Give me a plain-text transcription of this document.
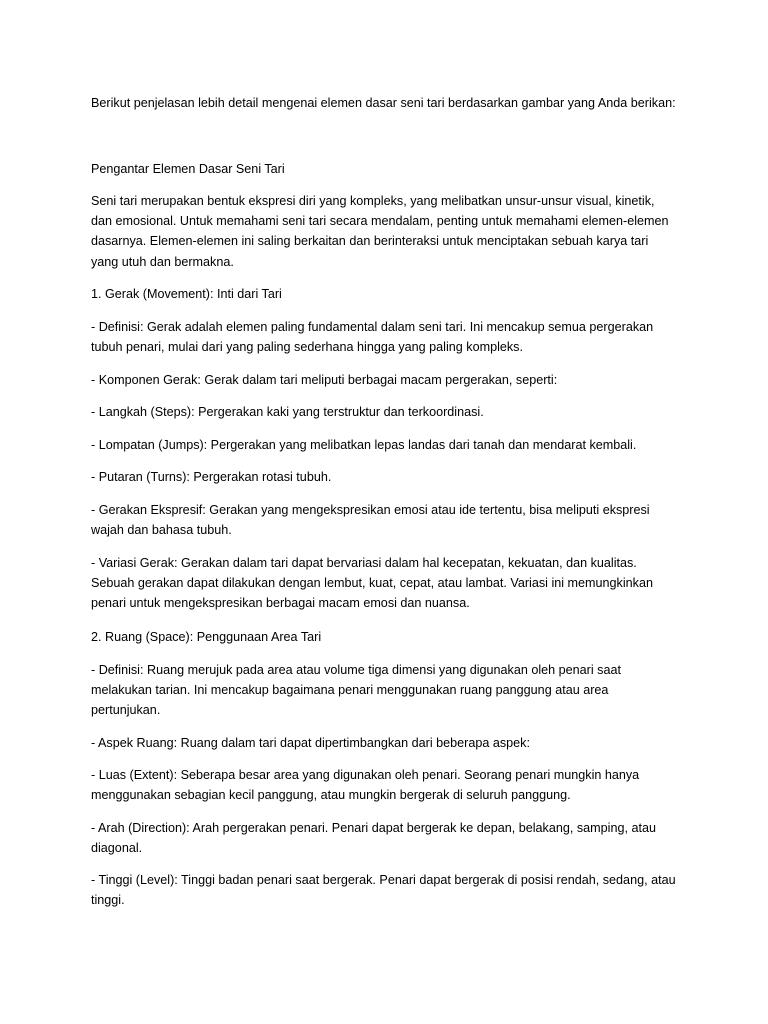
Berikut penjelasan lebih detail mengenai elemen dasar seni tari berdasarkan gambar yang Anda berikan:

Pengantar Elemen Dasar Seni Tari

Seni tari merupakan bentuk ekspresi diri yang kompleks, yang melibatkan unsur-unsur visual, kinetik,
dan emosional. Untuk memahami seni tari secara mendalam, penting untuk memahami elemen-elemen
dasarnya. Elemen-elemen ini saling berkaitan dan berinteraksi untuk menciptakan sebuah karya tari
yang utuh dan bermakna.

1. Gerak (Movement): Inti dari Tari

- Definisi: Gerak adalah elemen paling fundamental dalam seni tari. Ini mencakup semua pergerakan
tubuh penari, mulai dari yang paling sederhana hingga yang paling kompleks.

- Komponen Gerak: Gerak dalam tari meliputi berbagai macam pergerakan, seperti:

- Langkah (Steps): Pergerakan kaki yang terstruktur dan terkoordinasi.

- Lompatan (Jumps): Pergerakan yang melibatkan lepas landas dari tanah dan mendarat kembali.

- Putaran (Turns): Pergerakan rotasi tubuh.

- Gerakan Ekspresif: Gerakan yang mengekspresikan emosi atau ide tertentu, bisa meliputi ekspresi
wajah dan bahasa tubuh.

- Variasi Gerak: Gerakan dalam tari dapat bervariasi dalam hal kecepatan, kekuatan, dan kualitas.
Sebuah gerakan dapat dilakukan dengan lembut, kuat, cepat, atau lambat. Variasi ini memungkinkan
penari untuk mengekspresikan berbagai macam emosi dan nuansa.

2. Ruang (Space): Penggunaan Area Tari

- Definisi: Ruang merujuk pada area atau volume tiga dimensi yang digunakan oleh penari saat
melakukan tarian. Ini mencakup bagaimana penari menggunakan ruang panggung atau area
pertunjukan.

- Aspek Ruang: Ruang dalam tari dapat dipertimbangkan dari beberapa aspek:

- Luas (Extent): Seberapa besar area yang digunakan oleh penari. Seorang penari mungkin hanya
menggunakan sebagian kecil panggung, atau mungkin bergerak di seluruh panggung.

- Arah (Direction): Arah pergerakan penari. Penari dapat bergerak ke depan, belakang, samping, atau
diagonal.

- Tinggi (Level): Tinggi badan penari saat bergerak. Penari dapat bergerak di posisi rendah, sedang, atau
tinggi.
